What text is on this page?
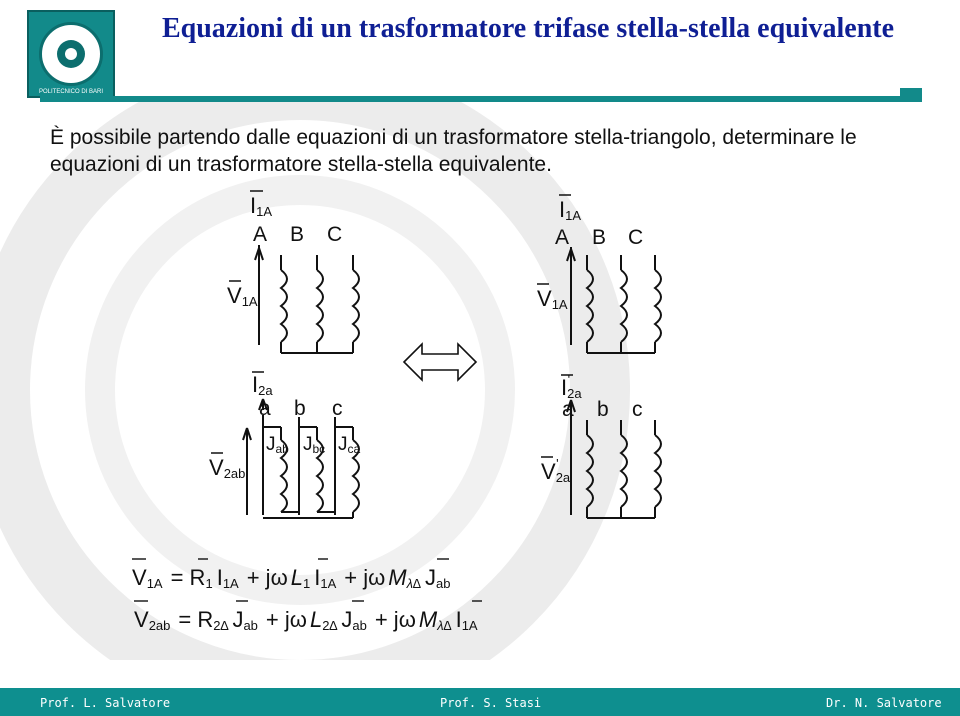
POLITECNICO DI BARI
Equazioni di un trasformatore trifase stella-stella equivalente

È possibile partendo dalle equazioni di un trasformatore stella-triangolo, determinare le equazioni di un trasformatore stella-stella equivalente.

I1A
A B C
V1A
I2a
a b c
V2ab
Jab Jbc Jca
I1A
A B C
V1A
I2a'
a b c
V2a'
V1A = R1 I1A + jω L1 I1A + jω Mλ∆ Jab
V2ab = R2∆ Jab + jω L2∆ Jab + jω Mλ∆ I1A
Prof. L. Salvatore	Prof. S. Stasi	Dr. N. Salvatore
